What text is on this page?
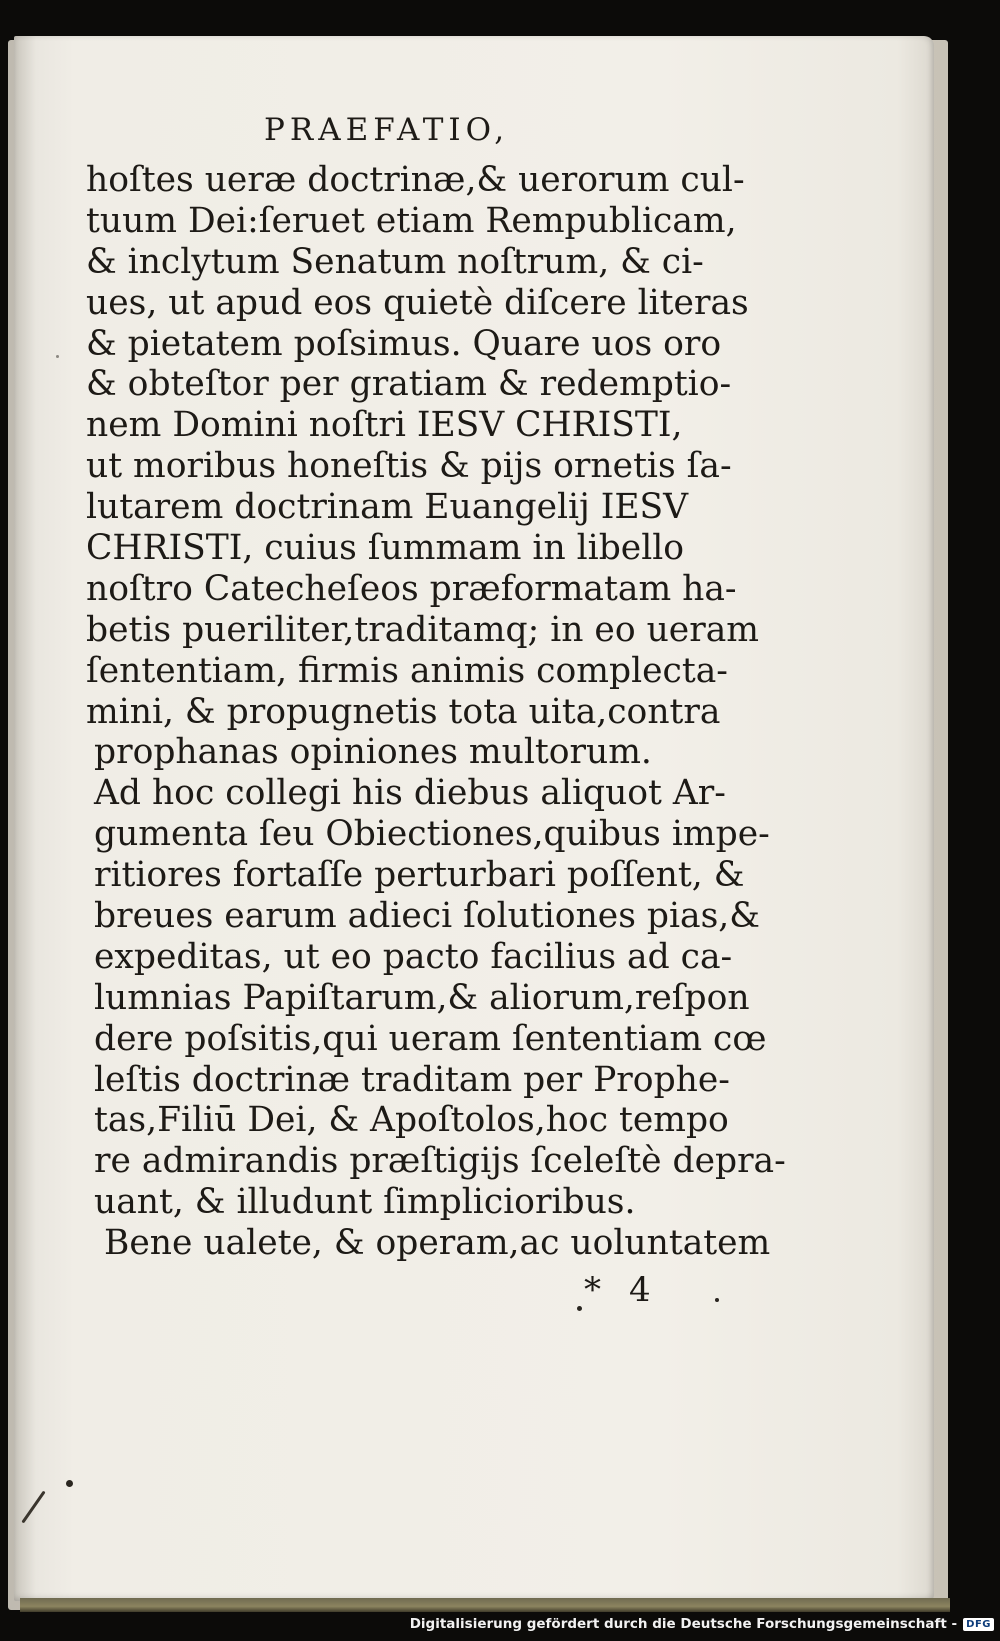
PRAEFATIO,
hoſtes ueræ doctrinæ,& uerorum cul-
tuum Dei:ſeruet etiam Rempublicam,
& inclytum Senatum noſtrum, & ci-
ues, ut apud eos quietè diſcere literas
& pietatem poſsimus. Quare uos oro
& obteſtor per gratiam & redemptio-
nem Domini noſtri IESV CHRISTI,
ut moribus honeſtis & pijs ornetis ſa-
lutarem doctrinam Euangelij IESV
CHRISTI, cuius ſummam in libello
noſtro Catecheſeos præformatam ha-
betis pueriliter,traditamq; in eo ueram
ſententiam, firmis animis complecta-
mini, & propugnetis tota uita,contra
prophanas opiniones multorum.
Ad hoc collegi his diebus aliquot Ar-
gumenta ſeu Obiectiones,quibus impe-
ritiores fortaſſe perturbari poſſent, &
breues earum adieci ſolutiones pias,&
expeditas, ut eo pacto facilius ad ca-
lumnias Papiſtarum,& aliorum,reſpon
dere poſsitis,qui ueram ſententiam cœ
leſtis doctrinæ traditam per Prophe-
tas,Filiū Dei, & Apoſtolos,hoc tempo
re admirandis præſtigijs ſceleſtè depra-
uant, & illudunt ſimplicioribus.
Bene ualete, & operam,ac uoluntatem
* 4
Digitalisierung gefördert durch die Deutsche Forschungsgemeinschaft - DFG
